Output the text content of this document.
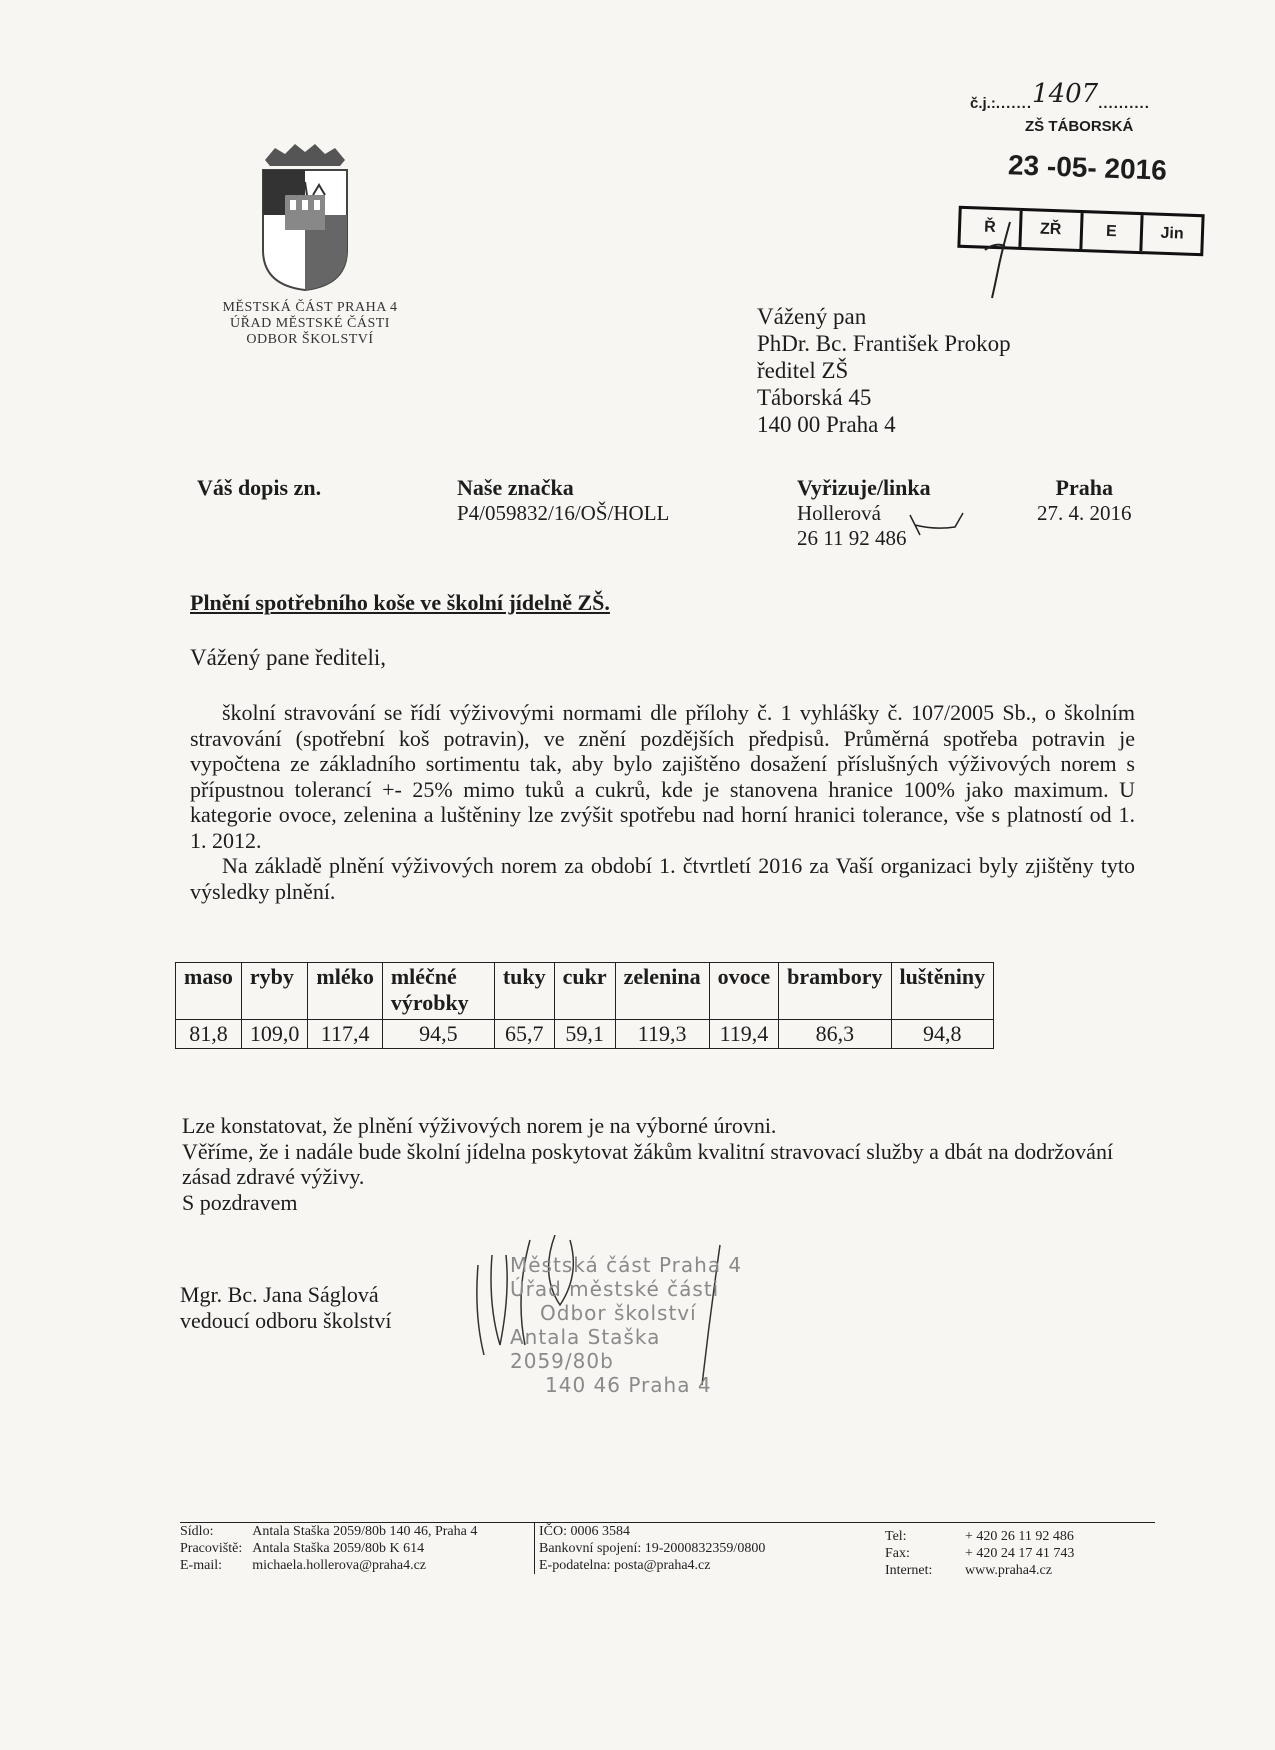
MĚSTSKÁ ČÁST PRAHA 4
ÚŘAD MĚSTSKÉ ČÁSTI
ODBOR ŠKOLSTVÍ
č.j.:.......1407..........
ZŠ TÁBORSKÁ
23 -05- 2016
Ř	ZŘ	E	Jin
Vážený pan
PhDr. Bc. František Prokop
ředitel ZŠ
Táborská 45
140 00 Praha 4
Váš dopis zn.	Naše značka
P4/059832/16/OŠ/HOLL
Vyřizuje/linka
Hollerová
26 11 92 486
Praha
27. 4. 2016
Plnění spotřebního koše ve školní jídelně ZŠ.
Vážený pane řediteli,

školní stravování se řídí výživovými normami dle přílohy č. 1 vyhlášky č. 107/2005 Sb., o školním stravování (spotřební koš potravin), ve znění pozdějších předpisů. Průměrná spotřeba potravin je vypočtena ze základního sortimentu tak, aby bylo zajištěno dosažení příslušných výživových norem s přípustnou tolerancí +- 25% mimo tuků a cukrů, kde je stanovena hranice 100% jako maximum. U kategorie ovoce, zelenina a luštěniny lze zvýšit spotřebu nad horní hranici tolerance, vše s platností od 1. 1. 2012.

Na základě plnění výživových norem za období 1. čtvrtletí 2016 za Vaší organizaci byly zjištěny tyto výsledky plnění.

maso	ryby	mléko	mléčné výrobky	tuky	cukr	zelenina	ovoce	brambory	luštěniny
81,8	109,0	117,4	94,5	65,7	59,1	119,3	119,4	86,3	94,8

Lze konstatovat, že plnění výživových norem je na výborné úrovni.

Věříme, že i nadále bude školní jídelna poskytovat žákům kvalitní stravovací služby a dbát na dodržování zásad zdravé výživy.

S pozdravem

Mgr. Bc. Jana Ságlová
vedoucí odboru školství
Městská část Praha 4
Úřad městské části
Odbor školství
Antala Staška 2059/80b
140 46 Praha 4
Sídlo:	Antala Staška 2059/80b 140 46, Praha 4
Pracoviště:	Antala Staška 2059/80b K 614
E-mail:	michaela.hollerova@praha4.cz
IČO: 0006 3584
Bankovní spojení: 19-2000832359/0800
E-podatelna: posta@praha4.cz
Tel:	+ 420 26 11 92 486
Fax:	+ 420 24 17 41 743
Internet:	www.praha4.cz
